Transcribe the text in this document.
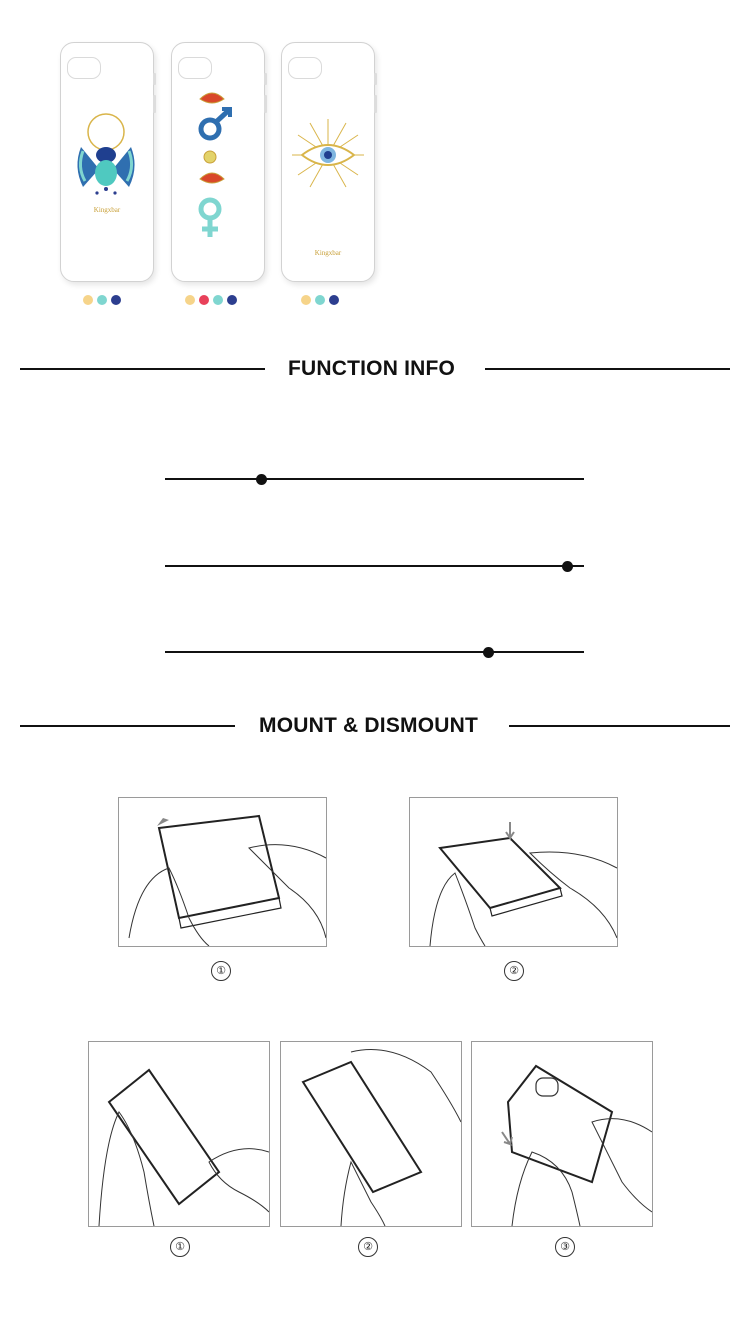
Kingxbar
Kingxbar
FUNCTION INFO
MOUNT & DISMOUNT
①	②
①	②	③
